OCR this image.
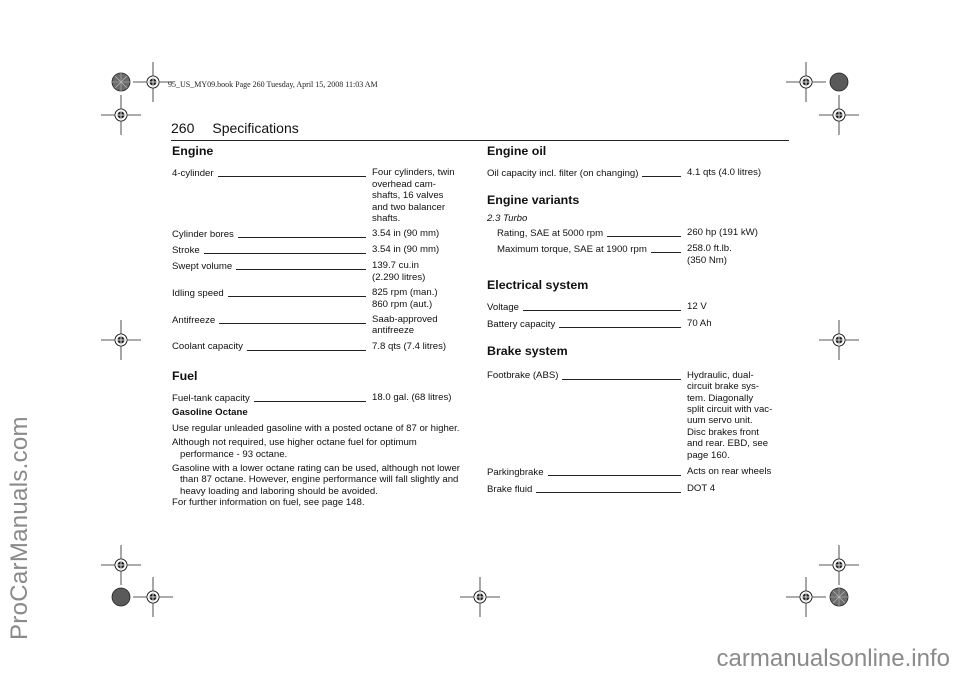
ProCarManuals.com
carmanualsonline.info
95_US_MY09.book Page 260 Tuesday, April 15, 2008 11:03 AM
260 Specifications
Engine
4-cylinder	Four cylinders, twin
overhead cam-
shafts, 16 valves
and two balancer
shafts.
Cylinder bores	3.54 in (90 mm)
Stroke	3.54 in (90 mm)
Swept volume	139.7 cu.in
(2.290 litres)
Idling speed	825 rpm (man.)
860 rpm (aut.)
Antifreeze	Saab-approved
antifreeze
Coolant capacity	7.8 qts (7.4 litres)
Fuel
Fuel-tank capacity	18.0 gal. (68 litres)
Gasoline Octane
Use regular unleaded gasoline with a posted octane of 87 or higher.
Although not required, use higher octane fuel for optimum performance - 93 octane.
Gasoline with a lower octane rating can be used, although not lower than 87 octane. However, engine performance will fall slightly and heavy loading and laboring should be avoided.
For further information on fuel, see page 148.
Engine oil
Oil capacity incl. filter (on changing)	4.1 qts (4.0 litres)
Engine variants
2.3 Turbo
Rating, SAE at 5000 rpm	260 hp (191 kW)
Maximum torque, SAE at 1900 rpm	258.0 ft.lb.
(350 Nm)
Electrical system
Voltage	12 V
Battery capacity	70 Ah
Brake system
Footbrake (ABS)	Hydraulic, dual-
circuit brake sys-
tem. Diagonally
split circuit with vac-
uum servo unit.
Disc brakes front
and rear. EBD, see
page 160.
Parkingbrake	Acts on rear wheels
Brake fluid	DOT 4
